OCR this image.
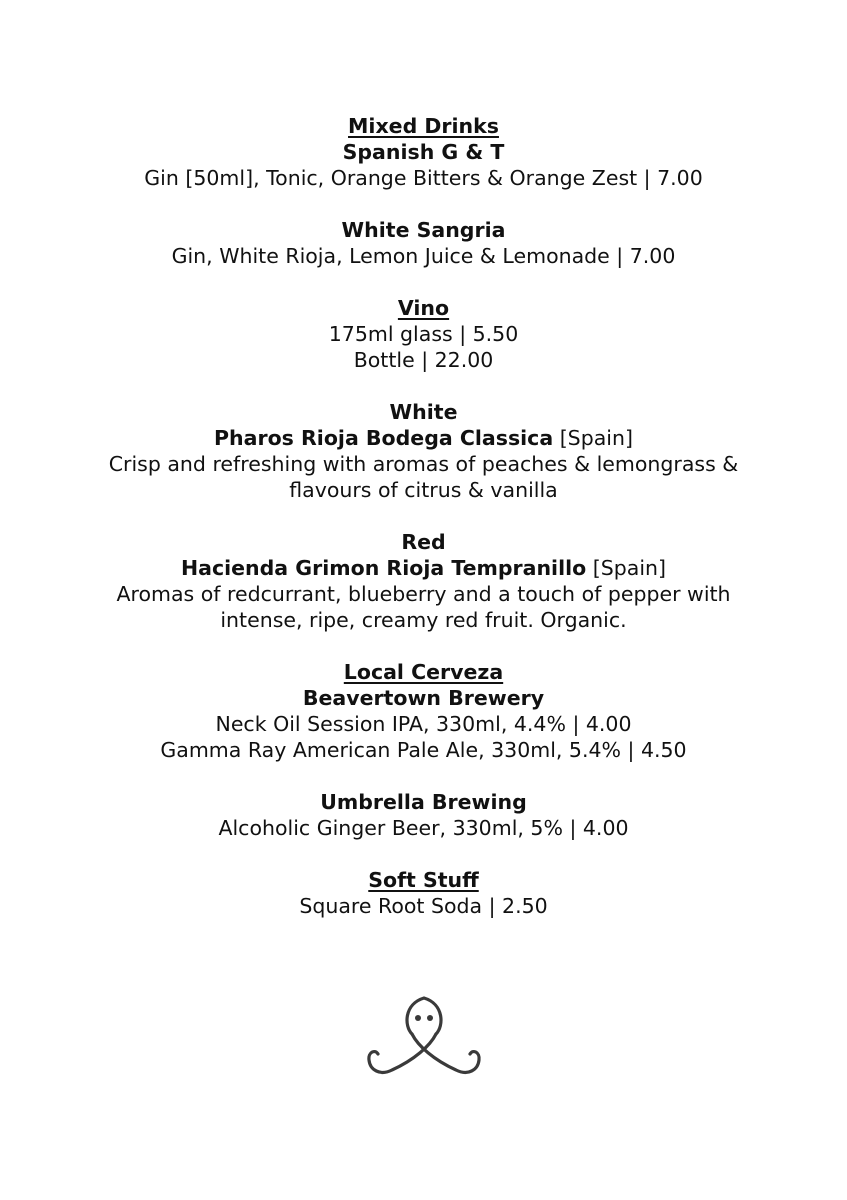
Mixed Drinks
Spanish G & T
Gin [50ml], Tonic, Orange Bitters & Orange Zest | 7.00
White Sangria
Gin, White Rioja, Lemon Juice & Lemonade | 7.00
Vino
175ml glass | 5.50
Bottle | 22.00
White
Pharos Rioja Bodega Classica [Spain]
Crisp and refreshing with aromas of peaches & lemongrass &
flavours of citrus & vanilla
Red
Hacienda Grimon Rioja Tempranillo [Spain]
Aromas of redcurrant, blueberry and a touch of pepper with
intense, ripe, creamy red fruit. Organic.
Local Cerveza
Beavertown Brewery
Neck Oil Session IPA, 330ml, 4.4% | 4.00
Gamma Ray American Pale Ale, 330ml, 5.4% | 4.50
Umbrella Brewing
Alcoholic Ginger Beer, 330ml, 5% | 4.00
Soft Stuff
Square Root Soda | 2.50
